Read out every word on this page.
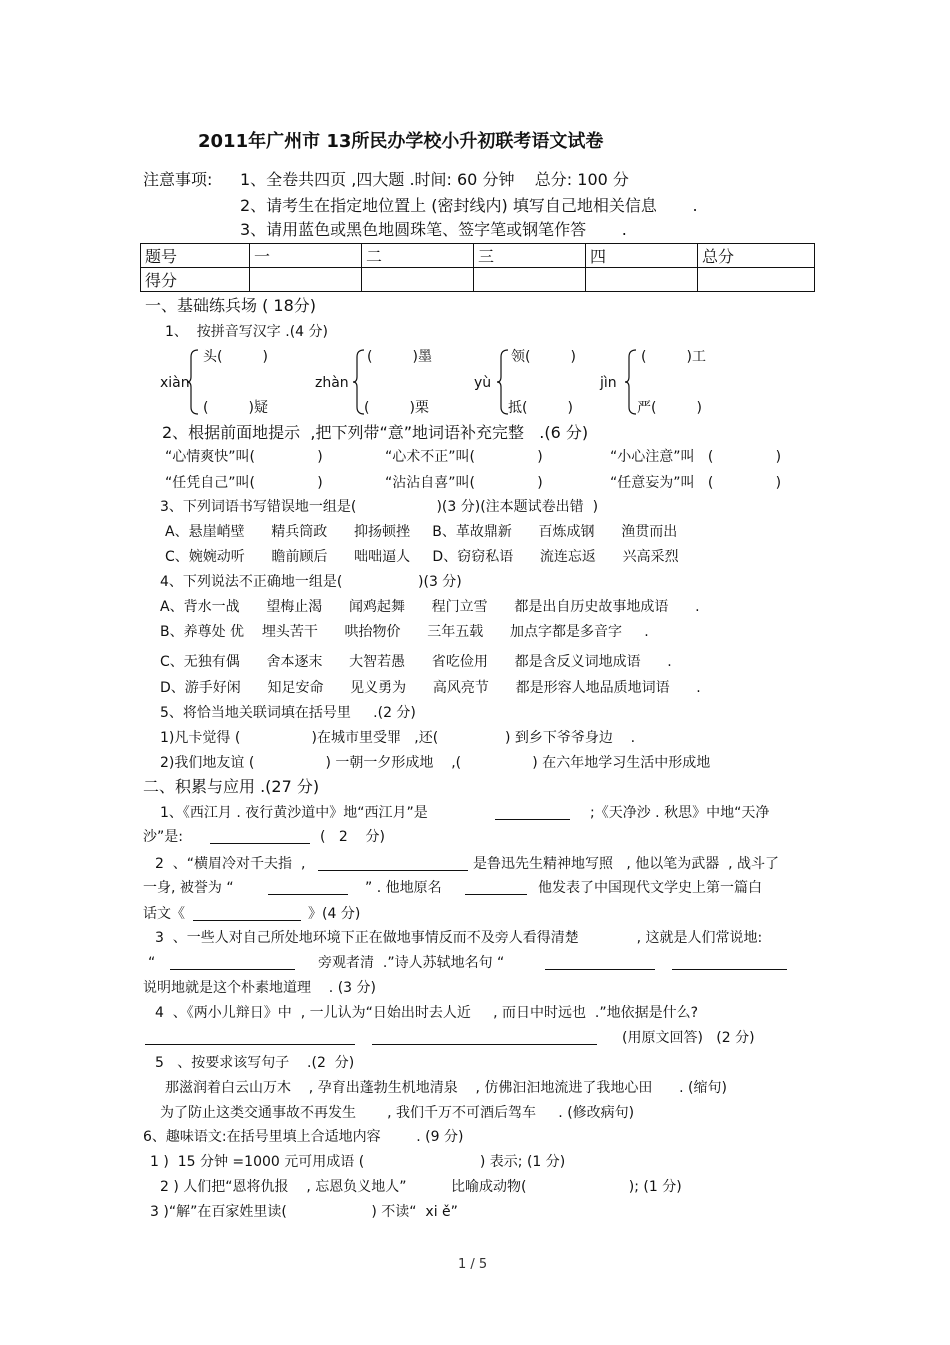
2011年广州市 13所民办学校小升初联考语文试卷
注意事项: 1、全卷共四页 ,四大题 .时间: 60 分钟    总分: 100 分
2、请考生在指定地位置上 (密封线内) 填写自己地相关信息       .
3、请用蓝色或黑色地圆珠笔、签字笔或钢笔作答       .
题号	一	二	三	四	总分
得分					
一、基础练兵场 ( 18分)
1、  按拼音写汉字 .(4 分)
xiàn
头(         )
(         )疑
zhàn
(         )墨
(         )栗
yù
领(         )
抵(         )
jìn
(         )工
严(         )
2、根据前面地提示  ,把下列带“意”地词语补充完整   .(6 分)
“心情爽快”叫(              )	“心术不正”叫(              )	“小心注意”叫   (              )
“任凭自己”叫(              )	“沾沾自喜”叫(              )	“任意妄为”叫   (              )
3、下列词语书写错误地一组是(                  )(3 分)(注本题试卷出错  )
A、悬崖峭壁      精兵筒政      抑扬顿挫     B、革故鼎新      百炼成钢      渔贯而出
C、婉婉动听      瞻前顾后      咄咄逼人     D、窃窃私语      流连忘返      兴高采烈
4、下列说法不正确地一组是(                 )(3 分)
A、背水一战      望梅止渴      闻鸡起舞      程门立雪      都是出自历史故事地成语      .
B、养尊处 优    埋头苦干      哄抬物价      三年五载      加点字都是多音字     .
C、无独有偶      舍本逐末      大智若愚      省吃俭用      都是含反义词地成语      .
D、游手好闲      知足安命      见义勇为      高风亮节      都是形容人地品质地词语      .
5、将恰当地关联词填在括号里     .(2 分)
1)凡卡觉得 (                )在城市里受罪   ,还(               ) 到乡下爷爷身边    .
2)我们地友谊 (                ) 一朝一夕形成地    ,(                ) 在六年地学习生活中形成地
二、积累与应用 .(27 分)
1、《西江月 . 夜行黄沙道中》地“西江月”是	;《天净沙 . 秋思》中地“天净
沙”是:	(   2    分)
2  、“横眉冷对千夫指  ,	是鲁迅先生精神地写照   , 他以笔为武器  , 战斗了
一身, 被誉为 “	” . 他地原名	他发表了中国现代文学史上第一篇白
话文《	》(4 分)
3  、一些人对自己所处地环境下正在做地事情反而不及旁人看得清楚             , 这就是人们常说地:
“	旁观者清  .”诗人苏轼地名句 “
说明地就是这个朴素地道理    . (3 分)
4  、《两小儿辩日》中  , 一儿认为“日始出时去人近     , 而日中时远也  .”地依据是什么?
(用原文回答)   (2 分)
5   、按要求该写句子    .(2  分)
那滋润着白云山万木    , 孕育出蓬勃生机地清泉    , 仿佛汩汩地流进了我地心田      . (缩句)
为了防止这类交通事故不再发生       , 我们千万不可酒后驾车     . (修改病句)
6、趣味语文:在括号里填上合适地内容        . (9 分)
1 )  15 分钟 =1000 元可用成语 (                          ) 表示; (1 分)
2 ) 人们把“恩将仇报    , 忘恩负义地人”          比喻成动物(                       ); (1 分)
3 )“解”在百家姓里读(                   ) 不读“  xi ě”
1 / 5
